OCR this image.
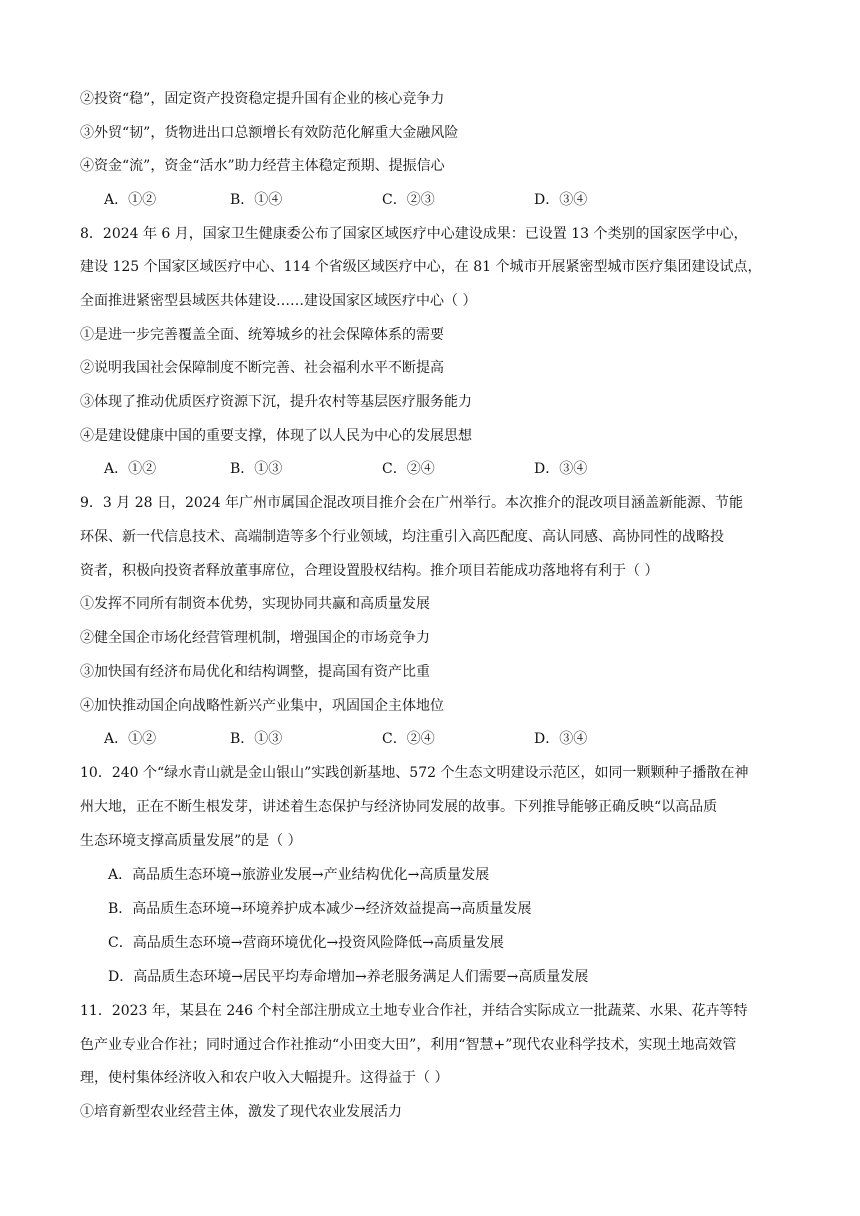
②投资“稳”，固定资产投资稳定提升国有企业的核心竞争力
③外贸“韧”，货物进出口总额增长有效防范化解重大金融风险
④资金“流”，资金“活水”助力经营主体稳定预期、提振信心
A．①②	B．①④	C．②③	D．③④
8．2024 年 6 月，国家卫生健康委公布了国家区域医疗中心建设成果：已设置 13 个类别的国家医学中心，
建设 125 个国家区域医疗中心、114 个省级区域医疗中心，在 81 个城市开展紧密型城市医疗集团建设试点，
全面推进紧密型县域医共体建设……建设国家区域医疗中心（ ）
①是进一步完善覆盖全面、统筹城乡的社会保障体系的需要
②说明我国社会保障制度不断完善、社会福利水平不断提高
③体现了推动优质医疗资源下沉，提升农村等基层医疗服务能力
④是建设健康中国的重要支撑，体现了以人民为中心的发展思想
A．①②	B．①③	C．②④	D．③④
9．3 月 28 日，2024 年广州市属国企混改项目推介会在广州举行。本次推介的混改项目涵盖新能源、节能
环保、新一代信息技术、高端制造等多个行业领域，均注重引入高匹配度、高认同感、高协同性的战略投
资者，积极向投资者释放董事席位，合理设置股权结构。推介项目若能成功落地将有利于（ ）
①发挥不同所有制资本优势，实现协同共赢和高质量发展
②健全国企市场化经营管理机制，增强国企的市场竞争力
③加快国有经济布局优化和结构调整，提高国有资产比重
④加快推动国企向战略性新兴产业集中，巩固国企主体地位
A．①②	B．①③	C．②④	D．③④
10．240 个“绿水青山就是金山银山”实践创新基地、572 个生态文明建设示范区，如同一颗颗种子播散在神
州大地，正在不断生根发芽，讲述着生态保护与经济协同发展的故事。下列推导能够正确反映“以高品质
生态环境支撑高质量发展”的是（ ）
A．高品质生态环境→旅游业发展→产业结构优化→高质量发展
B．高品质生态环境→环境养护成本减少→经济效益提高→高质量发展
C．高品质生态环境→营商环境优化→投资风险降低→高质量发展
D．高品质生态环境→居民平均寿命增加→养老服务满足人们需要→高质量发展
11．2023 年，某县在 246 个村全部注册成立土地专业合作社，并结合实际成立一批蔬菜、水果、花卉等特
色产业专业合作社；同时通过合作社推动“小田变大田”，利用“智慧+”现代农业科学技术，实现土地高效管
理，使村集体经济收入和农户收入大幅提升。这得益于（ ）
①培育新型农业经营主体，激发了现代农业发展活力
